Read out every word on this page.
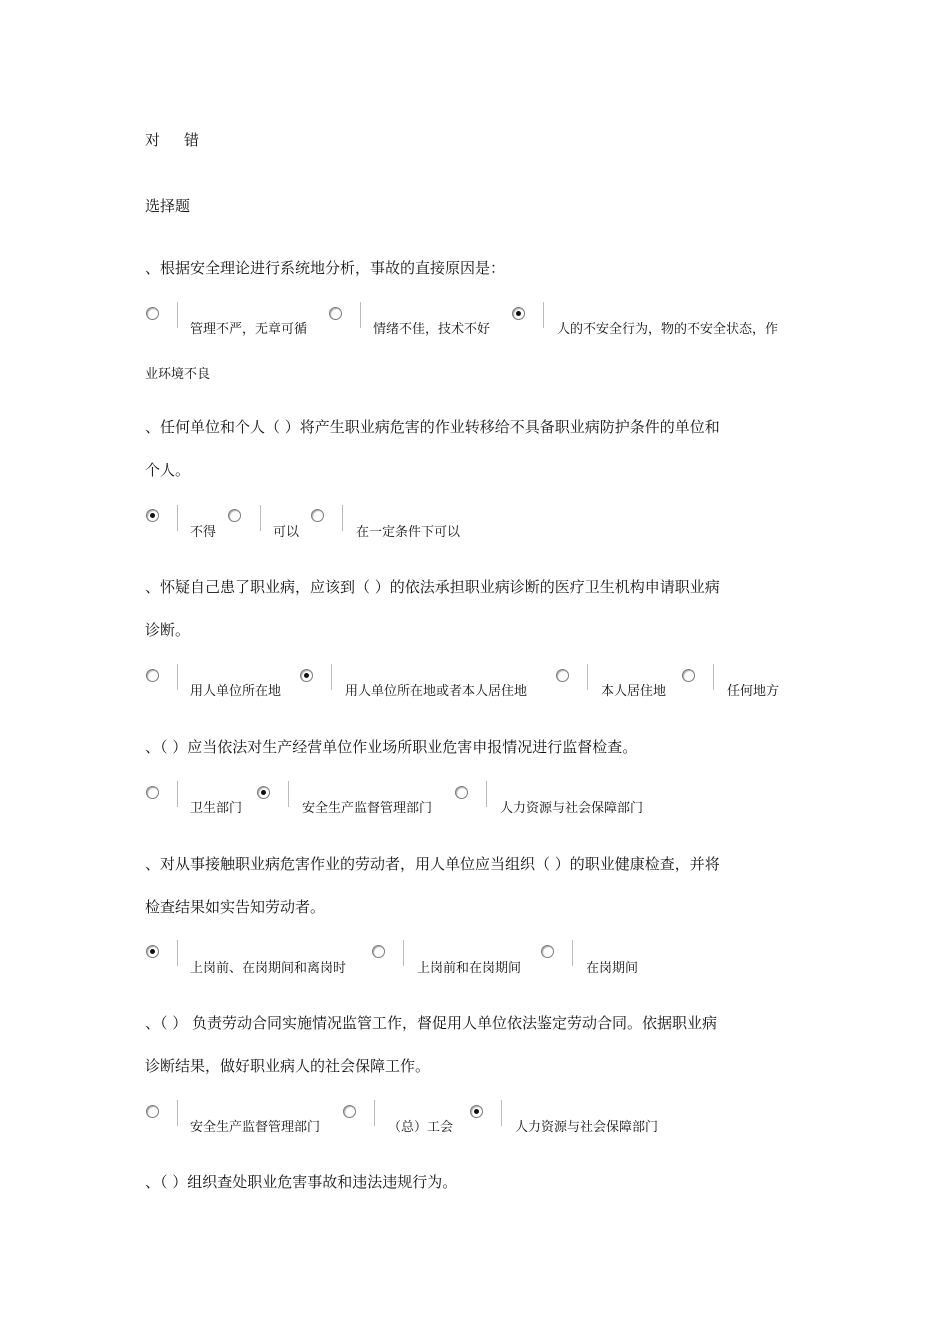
对 错
选择题
、根据安全理论进行系统地分析，事故的直接原因是：
管理不严，无章可循	情绪不佳，技术不好	人的不安全行为，物的不安全状态，作
业环境不良
、任何单位和个人（ ）将产生职业病危害的作业转移给不具备职业病防护条件的单位和
个人。
不得	可以	在一定条件下可以
、怀疑自己患了职业病，应该到（ ）的依法承担职业病诊断的医疗卫生机构申请职业病
诊断。
用人单位所在地	用人单位所在地或者本人居住地	本人居住地	任何地方
、（ ）应当依法对生产经营单位作业场所职业危害申报情况进行监督检查。
卫生部门	安全生产监督管理部门	人力资源与社会保障部门
、对从事接触职业病危害作业的劳动者，用人单位应当组织（ ）的职业健康检查，并将
检查结果如实告知劳动者。
上岗前、在岗期间和离岗时	上岗前和在岗期间	在岗期间
、（ ） 负责劳动合同实施情况监管工作，督促用人单位依法鉴定劳动合同。依据职业病
诊断结果，做好职业病人的社会保障工作。
安全生产监督管理部门	（总）工会	人力资源与社会保障部门
、（ ）组织查处职业危害事故和违法违规行为。
